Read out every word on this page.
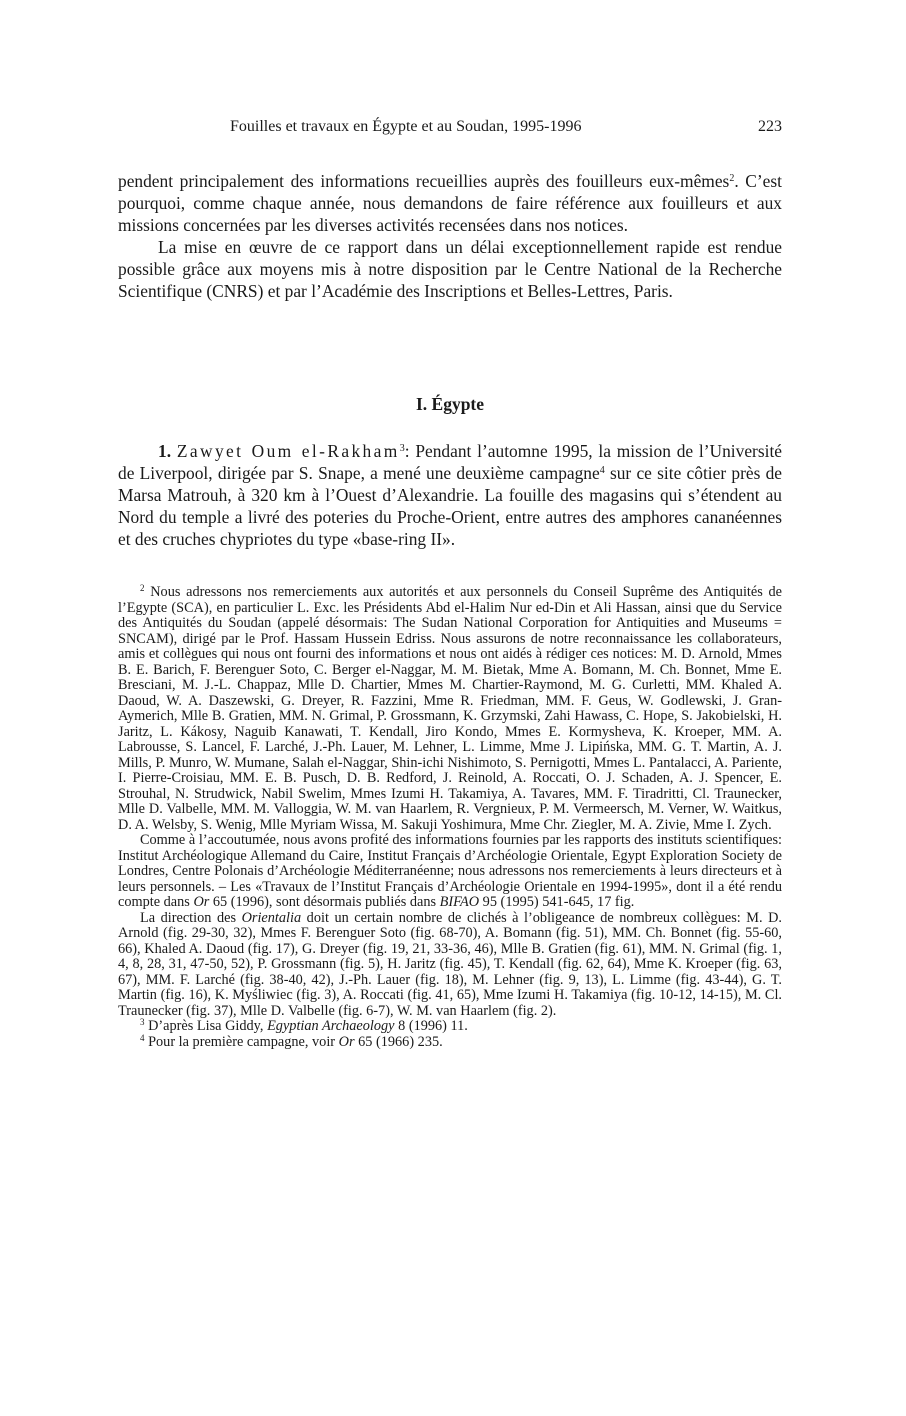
Fouilles et travaux en Égypte et au Soudan, 1995-1996	223

pendent principalement des informations recueillies auprès des fouilleurs eux-mêmes$^2$. C’est pourquoi, comme chaque année, nous demandons de faire référence aux fouilleurs et aux missions concernées par les diverses activités recensées dans nos notices.

La mise en œuvre de ce rapport dans un délai exceptionnellement rapide est rendue possible grâce aux moyens mis à notre disposition par le Centre National de la Recherche Scientifique (CNRS) et par l’Académie des Inscriptions et Belles-Lettres, Paris.

I. Égypte

1. Zawyet Oum el-Rakham$^3$: Pendant l’automne 1995, la mission de l’Université de Liverpool, dirigée par S. Snape, a mené une deuxième campagne$^4$ sur ce site côtier près de Marsa Matrouh, à 320 km à l’Ouest d’Alexandrie. La fouille des magasins qui s’étendent au Nord du temple a livré des poteries du Proche-Orient, entre autres des amphores cananéennes et des cruches chypriotes du type «base-ring II».

$^2$ Nous adressons nos remerciements aux autorités et aux personnels du Conseil Suprême des Antiquités de l’Egypte (SCA), en particulier L. Exc. les Présidents Abd el-Halim Nur ed-Din et Ali Hassan, ainsi que du Service des Antiquités du Soudan (appelé désormais: The Sudan National Corporation for Antiquities and Museums = SNCAM), dirigé par le Prof. Hassam Hussein Edriss. Nous assurons de notre reconnaissance les collaborateurs, amis et collègues qui nous ont fourni des informations et nous ont aidés à rédiger ces notices: M. D. Arnold, Mmes B. E. Barich, F. Berenguer Soto, C. Berger el-Naggar, M. M. Bietak, Mme A. Bomann, M. Ch. Bonnet, Mme E. Bresciani, M. J.-L. Chappaz, Mlle D. Chartier, Mmes M. Chartier-Raymond, M. G. Curletti, MM. Khaled A. Daoud, W. A. Daszewski, G. Dreyer, R. Fazzini, Mme R. Friedman, MM. F. Geus, W. Godlewski, J. Gran-Aymerich, Mlle B. Gratien, MM. N. Grimal, P. Grossmann, K. Grzymski, Zahi Hawass, C. Hope, S. Jakobielski, H. Jaritz, L. Kákosy, Naguib Kanawati, T. Kendall, Jiro Kondo, Mmes E. Kormysheva, K. Kroeper, MM. A. Labrousse, S. Lancel, F. Larché, J.-Ph. Lauer, M. Lehner, L. Limme, Mme J. Lipińska, MM. G. T. Martin, A. J. Mills, P. Munro, W. Mumane, Salah el-Naggar, Shin-ichi Nishimoto, S. Pernigotti, Mmes L. Pantalacci, A. Pariente, I. Pierre-Croisiau, MM. E. B. Pusch, D. B. Redford, J. Reinold, A. Roccati, O. J. Schaden, A. J. Spencer, E. Strouhal, N. Strudwick, Nabil Swelim, Mmes Izumi H. Takamiya, A. Tavares, MM. F. Tiradritti, Cl. Traunecker, Mlle D. Valbelle, MM. M. Valloggia, W. M. van Haarlem, R. Vergnieux, P. M. Vermeersch, M. Verner, W. Waitkus, D. A. Welsby, S. Wenig, Mlle Myriam Wissa, M. Sakuji Yoshimura, Mme Chr. Ziegler, M. A. Zivie, Mme I. Zych.

Comme à l’accoutumée, nous avons profité des informations fournies par les rapports des instituts scientifiques: Institut Archéologique Allemand du Caire, Institut Français d’Archéologie Orientale, Egypt Exploration Society de Londres, Centre Polonais d’Archéologie Méditerranéenne; nous adressons nos remerciements à leurs directeurs et à leurs personnels. – Les «Travaux de l’Institut Français d’Archéologie Orientale en 1994-1995», dont il a été rendu compte dans Or 65 (1996), sont désormais publiés dans BIFAO 95 (1995) 541-645, 17 fig.

La direction des Orientalia doit un certain nombre de clichés à l’obligeance de nombreux collègues: M. D. Arnold (fig. 29-30, 32), Mmes F. Berenguer Soto (fig. 68-70), A. Bomann (fig. 51), MM. Ch. Bonnet (fig. 55-60, 66), Khaled A. Daoud (fig. 17), G. Dreyer (fig. 19, 21, 33-36, 46), Mlle B. Gratien (fig. 61), MM. N. Grimal (fig. 1, 4, 8, 28, 31, 47-50, 52), P. Grossmann (fig. 5), H. Jaritz (fig. 45), T. Kendall (fig. 62, 64), Mme K. Kroeper (fig. 63, 67), MM. F. Larché (fig. 38-40, 42), J.-Ph. Lauer (fig. 18), M. Lehner (fig. 9, 13), L. Limme (fig. 43-44), G. T. Martin (fig. 16), K. Myśliwiec (fig. 3), A. Roccati (fig. 41, 65), Mme Izumi H. Takamiya (fig. 10-12, 14-15), M. Cl. Traunecker (fig. 37), Mlle D. Valbelle (fig. 6-7), W. M. van Haarlem (fig. 2).

$^3$ D’après Lisa Giddy, Egyptian Archaeology 8 (1996) 11.

$^4$ Pour la première campagne, voir Or 65 (1966) 235.
